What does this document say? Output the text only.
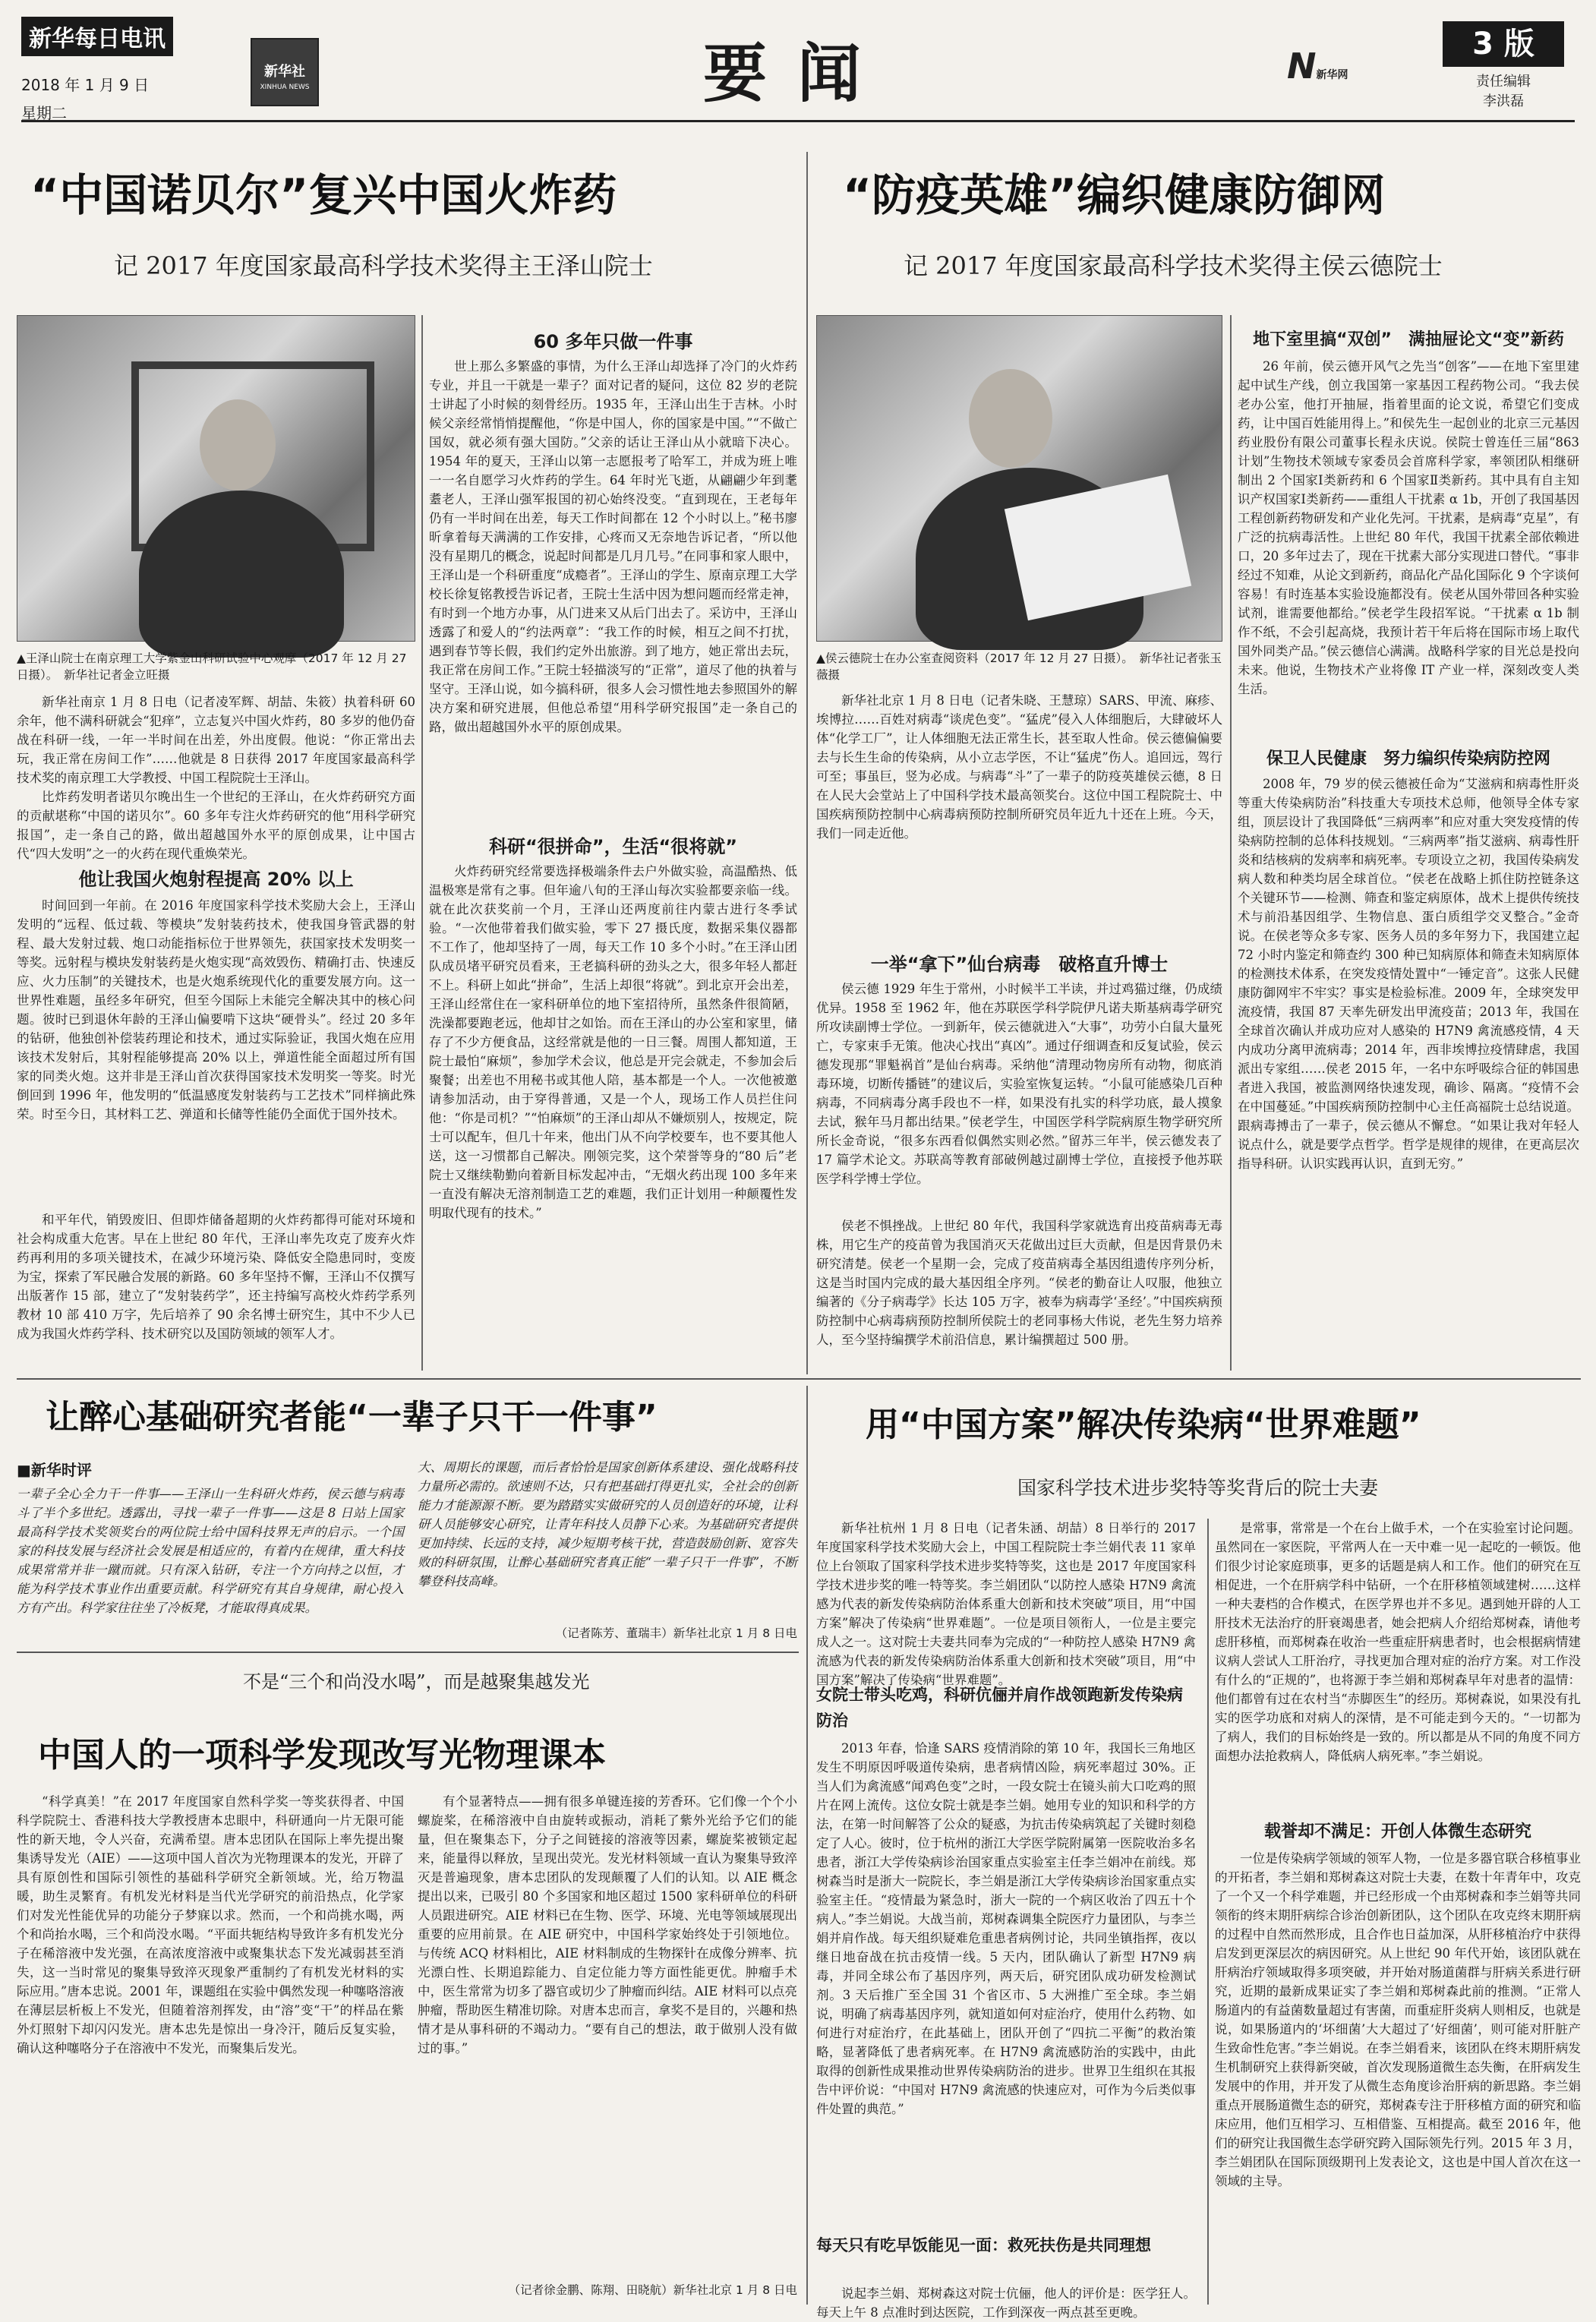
新华每日电讯
2018 年 1 月 9 日
星期二
新华社
XINHUA NEWS	要闻	N新华网
3 版
责任编辑
李洪磊
“中国诺贝尔”复兴中国火炸药
记 2017 年度国家最高科学技术奖得主王泽山院士
▲王泽山院士在南京理工大学紫金山科研试验中心观摩（2017 年 12 月 27 日摄）。　新华社记者金立旺摄

新华社南京 1 月 8 日电（记者凌军辉、胡喆、朱筱）执着科研 60 余年，他不满科研就会“犯痒”，立志复兴中国火炸药，80 多岁的他仍奋战在科研一线，一年一半时间在出差，外出度假。他说：“你正常出去玩，我正常在房间工作”……他就是 8 日获得 2017 年度国家最高科学技术奖的南京理工大学教授、中国工程院院士王泽山。

比炸药发明者诺贝尔晚出生一个世纪的王泽山，在火炸药研究方面的贡献堪称“中国的诺贝尔”。60 多年专注火炸药研究的他“用科学研究报国”，走一条自己的路，做出超越国外水平的原创成果，让中国古代“四大发明”之一的火药在现代重焕荣光。

他让我国火炮射程提高 20% 以上

时间回到一年前。在 2016 年度国家科学技术奖励大会上，王泽山发明的“远程、低过载、等模块”发射装药技术，使我国身管武器的射程、最大发射过载、炮口动能指标位于世界领先，获国家技术发明奖一等奖。远射程与模块发射装药是火炮实现“高效毁伤、精确打击、快速反应、火力压制”的关键技术，也是火炮系统现代化的重要发展方向。这一世界性难题，虽经多年研究，但至今国际上未能完全解决其中的核心问题。彼时已到退休年龄的王泽山偏要啃下这块“硬骨头”。经过 20 多年的钻研，他独创补偿装药理论和技术，通过实际验证，我国火炮在应用该技术发射后，其射程能够提高 20% 以上，弹道性能全面超过所有国家的同类火炮。这并非是王泽山首次获得国家技术发明奖一等奖。时光倒回到 1996 年，他发明的“低温感度发射装药与工艺技术”同样摘此殊荣。时至今日，其材料工艺、弹道和长储等性能仍全面优于国外技术。

和平年代，销毁废旧、但即炸储备超期的火炸药都得可能对环境和社会构成重大危害。早在上世纪 80 年代，王泽山率先攻克了废弃火炸药再利用的多项关键技术，在减少环境污染、降低安全隐患同时，变废为宝，探索了军民融合发展的新路。60 多年坚持不懈，王泽山不仅撰写出版著作 15 部，建立了“发射装药学”，还主持编写高校火炸药学系列教材 10 部 410 万字，先后培养了 90 余名博士研究生，其中不少人已成为我国火炸药学科、技术研究以及国防领域的领军人才。

60 多年只做一件事

世上那么多繁盛的事情，为什么王泽山却选择了冷门的火炸药专业，并且一干就是一辈子？面对记者的疑问，这位 82 岁的老院士讲起了小时候的刻骨经历。1935 年，王泽山出生于吉林。小时候父亲经常悄悄提醒他，“你是中国人，你的国家是中国。”“不做亡国奴，就必须有强大国防。”父亲的话让王泽山从小就暗下决心。1954 年的夏天，王泽山以第一志愿报考了哈军工，并成为班上唯一一名自愿学习火炸药的学生。64 年时光飞逝，从翩翩少年到耄耋老人，王泽山强军报国的初心始终没变。“直到现在，王老每年仍有一半时间在出差，每天工作时间都在 12 个小时以上。”秘书廖昕拿着每天满满的工作安排，心疼而又无奈地告诉记者，“所以他没有星期几的概念，说起时间都是几月几号。”在同事和家人眼中，王泽山是一个科研重度“成瘾者”。王泽山的学生、原南京理工大学校长徐复铭教授告诉记者，王院士生活中因为想问题而经常走神，有时到一个地方办事，从门进来又从后门出去了。采访中，王泽山透露了和爱人的“约法两章”：“我工作的时候，相互之间不打扰，遇到春节等长假，我们约定外出旅游。到了地方，她正常出去玩，我正常在房间工作。”王院士轻描淡写的“正常”，道尽了他的执着与坚守。王泽山说，如今搞科研，很多人会习惯性地去参照国外的解决方案和研究进展，但他总希望“用科学研究报国”走一条自己的路，做出超越国外水平的原创成果。

科研“很拼命”，生活“很将就”

火炸药研究经常要选择极端条件去户外做实验，高温酷热、低温极寒是常有之事。但年逾八旬的王泽山每次实验都要亲临一线。就在此次获奖前一个月，王泽山还两度前往内蒙古进行冬季试验。“一次他带着我们做实验，零下 27 摄氏度，数据采集仪器都不工作了，他却坚持了一周，每天工作 10 多个小时。”在王泽山团队成员堵平研究员看来，王老搞科研的劲头之大，很多年轻人都赶不上。科研上如此“拼命”，生活上却很“将就”。到北京开会出差，王泽山经常住在一家科研单位的地下室招待所，虽然条件很简陋，洗澡都要跑老远，他却甘之如饴。而在王泽山的办公室和家里，储存了不少方便食品，这经常就是他的一日三餐。周围人都知道，王院士最怕“麻烦”，参加学术会议，他总是开完会就走，不参加会后聚餐；出差也不用秘书或其他人陪，基本都是一个人。一次他被邀请参加活动，由于穿得普通，又是一个人，现场工作人员拦住问他：“你是司机？”“怕麻烦”的王泽山却从不嫌烦别人，按规定，院士可以配车，但几十年来，他出门从不向学校要车，也不要其他人送，这一习惯都自己解决。刚领完奖，这个荣誉等身的“80 后”老院士又继续勒勤向着新目标发起冲击，“无烟火药出现 100 多年来一直没有解决无溶剂制造工艺的难题，我们正计划用一种颠覆性发明取代现有的技术。”

“防疫英雄”编织健康防御网
记 2017 年度国家最高科学技术奖得主侯云德院士
▲侯云德院士在办公室查阅资料（2017 年 12 月 27 日摄）。　新华社记者张玉薇摄

新华社北京 1 月 8 日电（记者朱晓、王慧琼）SARS、甲流、麻疹、埃博拉……百姓对病毒“谈虎色变”。“猛虎”侵入人体细胞后，大肆破坏人体“化学工厂”，让人体细胞无法正常生长，甚至取人性命。侯云德偏偏要去与长生生命的传染病，从小立志学医，不让“猛虎”伤人。追回远，驾行可至；事虽巨，竖为必成。与病毒“斗”了一辈子的防疫英雄侯云德，8 日在人民大会堂站上了中国科学技术最高领奖台。这位中国工程院院士、中国疾病预防控制中心病毒病预防控制所研究员年近九十还在上班。今天，我们一同走近他。

一举“拿下”仙台病毒　破格直升博士

侯云德 1929 年生于常州，小时候半工半读，并过鸡猫过继，仍成绩优异。1958 至 1962 年，他在苏联医学科学院伊凡诺夫斯基病毒学研究所攻读副博士学位。一到新年，侯云德就进入“大事”，功劳小白鼠大量死亡，专家束手无策。他决心找出“真凶”。通过仔细调查和反复试验，侯云德发现那“罪魁祸首”是仙台病毒。采纳他“清理动物房所有动物，彻底消毒环境，切断传播链”的建议后，实验室恢复运转。“小鼠可能感染几百种病毒，不同病毒分离手段也不一样，如果没有扎实的科学功底，最人摸象去试，猴年马月都出结果。”侯老学生，中国医学科学院病原生物学研究所所长金奇说，“很多东西看似偶然实则必然。”留苏三年半，侯云德发表了 17 篇学术论文。苏联高等教育部破例越过副博士学位，直接授予他苏联医学科学博士学位。

侯老不惧挫战。上世纪 80 年代，我国科学家就选育出疫苗病毒无毒株，用它生产的疫苗曾为我国消灭天花做出过巨大贡献，但是因背景仍未研究清楚。侯老一个星期一会，完成了疫苗病毒全基因组遗传序列分析，这是当时国内完成的最大基因组全序列。“侯老的勤奋让人叹服，他独立编著的《分子病毒学》长达 105 万字，被奉为病毒学‘圣经’。”中国疾病预防控制中心病毒病预防控制所侯院士的老同事杨大伟说，老先生努力培养人，至今坚持编撰学术前沿信息，累计编撰超过 500 册。

地下室里搞“双创”　满抽屉论文“变”新药

26 年前，侯云德开风气之先当“创客”——在地下室里建起中试生产线，创立我国第一家基因工程药物公司。“我去侯老办公室，他打开抽屉，指着里面的论文说，希望它们变成药，让中国百姓能用得上。”和侯先生一起创业的北京三元基因药业股份有限公司董事长程永庆说。侯院士曾连任三届“863 计划”生物技术领域专家委员会首席科学家，率领团队相继研制出 2 个国家Ⅰ类新药和 6 个国家Ⅱ类新药。其中具有自主知识产权国家Ⅰ类新药——重组人干扰素 α 1b，开创了我国基因工程创新药物研发和产业化先河。干扰素，是病毒“克星”，有广泛的抗病毒活性。上世纪 80 年代，我国干扰素全部依赖进口，20 多年过去了，现在干扰素大部分实现进口替代。“事非经过不知难，从论文到新药，商品化产品化国际化 9 个字谈何容易！有时连基本实验设施都没有。侯老从国外带回各种实验试剂，谁需要他都给。”侯老学生段招军说。“干扰素 α 1b 制作不纸，不会引起高烧，我预计若干年后将在国际市场上取代国外同类产品。”侯云德信心满满。战略科学家的目光总是投向未来。他说，生物技术产业将像 IT 产业一样，深刻改变人类生活。

保卫人民健康　努力编织传染病防控网

2008 年，79 岁的侯云德被任命为“艾滋病和病毒性肝炎等重大传染病防治”科技重大专项技术总师，他领导全体专家组，顶层设计了我国降低“三病两率”和应对重大突发疫情的传染病防控制的总体科技规划。“三病两率”指艾滋病、病毒性肝炎和结核病的发病率和病死率。专项设立之初，我国传染病发病人数和种类均居全球首位。“侯老在战略上抓住防控链条这个关键环节——检测、筛查和鉴定病原体，战术上提供传统技术与前沿基因组学、生物信息、蛋白质组学交叉整合。”金奇说。在侯老等众多专家、医务人员的多年努力下，我国建立起 72 小时内鉴定和筛查约 300 种已知病原体和筛查未知病原体的检测技术体系，在突发疫情处置中“一锤定音”。这张人民健康防御网牢不牢实？事实是检验标准。2009 年，全球突发甲流疫情，我国 87 天率先研发出甲流疫苗；2013 年，我国在全球首次确认并成功应对人感染的 H7N9 禽流感疫情，4 天内成功分离甲流病毒；2014 年，西非埃博拉疫情肆虐，我国派出专家组……侯老 2015 年，一名中东呼吸综合征的韩国患者进入我国，被监测网络快速发现，确诊、隔离。“疫情不会在中国蔓延。”中国疾病预防控制中心主任高福院士总结说道。跟病毒搏击了一辈子，侯云德从不懈怠。“如果让我对年轻人说点什么，就是要学点哲学。哲学是规律的规律，在更高层次指导科研。认识实践再认识，直到无穷。”

让醉心基础研究者能“一辈子只干一件事”
■新华时评
一辈子全心全力干一件事——王泽山一生科研火炸药，侯云德与病毒斗了半个多世纪。透露出，寻找一辈子一件事——这是 8 日站上国家最高科学技术奖领奖台的两位院士给中国科技界无声的启示。一个国家的科技发展与经济社会发展是相适应的，有着内在规律，重大科技成果常常并非一蹴而就。只有深入钻研，专注一个方向持之以恒，才能为科学技术事业作出重要贡献。科学研究有其自身规律，耐心投入方有产出。科学家往往坐了冷板凳，才能取得真成果。
大、周期长的课题，而后者恰恰是国家创新体系建设、强化战略科技力量所必需的。欲速则不达，只有把基础打得更扎实，全社会的创新能力才能源源不断。要为踏踏实实做研究的人员创造好的环境，让科研人员能够安心研究，让青年科技人员静下心来。为基础研究者提供更加持续、长远的支持，减少短期考核干扰，营造鼓励创新、宽容失败的科研氛围，让醉心基础研究者真正能“一辈子只干一件事”，不断攀登科技高峰。
（记者陈芳、董瑞丰）新华社北京 1 月 8 日电
不是“三个和尚没水喝”，而是越聚集越发光
中国人的一项科学发现改写光物理课本

“科学真美！”在 2017 年度国家自然科学奖一等奖获得者、中国科学院院士、香港科技大学教授唐本忠眼中，科研通向一片无限可能性的新天地，令人兴奋，充满希望。唐本忠团队在国际上率先提出聚集诱导发光（AIE）——这项中国人首次为光物理课本的发光，开辟了具有原创性和国际引领性的基础科学研究全新领域。光，给万物温暖，助生灵繁育。有机发光材料是当代光学研究的前沿热点，化学家们对发光性能优异的功能分子梦寐以求。然而，一个和尚挑水喝，两个和尚抬水喝，三个和尚没水喝。“平面共轭结构导致许多有机发光分子在稀溶液中发光强，在高浓度溶液中或聚集状态下发光减弱甚至消失，这一当时常见的聚集导致淬灭现象严重制约了有机发光材料的实际应用。”唐本忠说。2001 年，课题组在实验中偶然发现一种噻咯溶液在薄层层析板上不发光，但随着溶剂挥发，由“溶”变“干”的样品在紫外灯照射下却闪闪发光。唐本忠先是惊出一身冷汗，随后反复实验，确认这种噻咯分子在溶液中不发光，而聚集后发光。

有个显著特点——拥有很多单键连接的芳香环。它们像一个个小螺旋桨，在稀溶液中自由旋转或振动，消耗了紫外光给予它们的能量，但在聚集态下，分子之间链接的溶液等因素，螺旋桨被锁定起来，能量得以释放，呈现出荧光。发光材料领域一直认为聚集导致淬灭是普遍现象，唐本忠团队的发现颠覆了人们的认知。以 AIE 概念提出以来，已吸引 80 个多国家和地区超过 1500 家科研单位的科研人员跟进研究。AIE 材料已在生物、医学、环境、光电等领域展现出重要的应用前景。在 AIE 研究中，中国科学家始终处于引领地位。与传统 ACQ 材料相比，AIE 材料制成的生物探针在成像分辨率、抗光漂白性、长期追踪能力、自定位能力等方面性能更优。肿瘤手术中，医生常常为切多了器官或切少了肿瘤而纠结。AIE 材料可以点亮肿瘤，帮助医生精准切除。对唐本忠而言，拿奖不是目的，兴趣和热情才是从事科研的不竭动力。“要有自己的想法，敢于做别人没有做过的事。”

（记者徐金鹏、陈翔、田晓航）新华社北京 1 月 8 日电
用“中国方案”解决传染病“世界难题”
国家科学技术进步奖特等奖背后的院士夫妻

新华社杭州 1 月 8 日电（记者朱涵、胡喆）8 日举行的 2017 年度国家科学技术奖励大会上，中国工程院院士李兰娟代表 11 家单位上台领取了国家科学技术进步奖特等奖，这也是 2017 年度国家科学技术进步奖的唯一特等奖。李兰娟团队“以防控人感染 H7N9 禽流感为代表的新发传染病防治体系重大创新和技术突破”项目，用“中国方案”解决了传染病“世界难题”。一位是项目领衔人，一位是主要完成人之一。这对院士夫妻共同奉为完成的“一种防控人感染 H7N9 禽流感为代表的新发传染病防治体系重大创新和技术突破”项目，用“中国方案”解决了传染病“世界难题”。

女院士带头吃鸡，科研伉俪并肩作战领跑新发传染病防治

2013 年春，恰逢 SARS 疫情消除的第 10 年，我国长三角地区发生不明原因呼吸道传染病，患者病情凶险，病死率超过 30%。正当人们为禽流感“闻鸡色变”之时，一段女院士在镜头前大口吃鸡的照片在网上流传。这位女院士就是李兰娟。她用专业的知识和科学的方法，在第一时间解答了公众的疑惑，为抗击传染病筑起了关键时刻稳定了人心。彼时，位于杭州的浙江大学医学院附属第一医院收治多名患者，浙江大学传染病诊治国家重点实验室主任李兰娟冲在前线。郑树森当时是浙大一院院长，李兰娟是浙江大学传染病诊治国家重点实验室主任。“疫情最为紧急时，浙大一院的一个病区收治了四五十个病人。”李兰娟说。大战当前，郑树森调集全院医疗力量团队，与李兰娟并肩作战。每天组织疑难危重患者病例讨论，共同坐镇指挥，夜以继日地奋战在抗击疫情一线。5 天内，团队确认了新型 H7N9 病毒，并同全球公布了基因序列，两天后，研究团队成功研发检测试剂。3 天后推广至全国 31 个省区市、5 大洲推广至全球。李兰娟说，明确了病毒基因序列，就知道如何对症治疗，使用什么药物、如何进行对症治疗，在此基础上，团队开创了“四抗二平衡”的救治策略，显著降低了患者病死率。在 H7N9 禽流感防治的实践中，由此取得的创新性成果推动世界传染病防治的进步。世界卫生组织在其报告中评价说：“中国对 H7N9 禽流感的快速应对，可作为今后类似事件处置的典范。”

每天只有吃早饭能见一面：救死扶伤是共同理想

说起李兰娟、郑树森这对院士伉俪，他人的评价是：医学狂人。每天上午 8 点准时到达医院，工作到深夜一两点甚至更晚。

是常事，常常是一个在台上做手术，一个在实验室讨论问题。虽然同在一家医院，平常两人在一天中难一见一起吃的一顿饭。他们很少讨论家庭琐事，更多的话题是病人和工作。他们的研究在互相促进，一个在肝病学科中钻研，一个在肝移植领域建树……这样一种夫妻档的合作模式，在医学界也并不多见。遇到她开辟的人工肝技术无法治疗的肝衰竭患者，她会把病人介绍给郑树森，请他考虑肝移植，而郑树森在收治一些重症肝病患者时，也会根据病情建议病人尝试人工肝治疗，寻找更加合理对症的治疗方案。对工作没有什么的“正规的”，也将源于李兰娟和郑树森早年对患者的温情：他们都曾有过在农村当“赤脚医生”的经历。郑树森说，如果没有扎实的医学功底和对病人的深情，是不可能走到今天的。“一切都为了病人，我们的目标始终是一致的。所以都是从不同的角度不同方面想办法抢救病人，降低病人病死率。”李兰娟说。

载誉却不满足：开创人体微生态研究

一位是传染病学领域的领军人物，一位是多器官联合移植事业的开拓者，李兰娟和郑树森这对院士夫妻，在数十年青年中，攻克了一个又一个科学难题，并已经形成一个由郑树森和李兰娟等共同领衔的终末期肝病综合诊治创新团队，这个团队在攻克终末期肝病的过程中自然而然形成，且合作也日益加深，从肝移植治疗中获得启发到更深层次的病因研究。从上世纪 90 年代开始，该团队就在肝病治疗领域取得多项突破，并开始对肠道菌群与肝病关系进行研究，近期的最新成果证实了李兰娟和郑树森此前的推测。“正常人肠道内的有益菌数量超过有害菌，而重症肝炎病人则相反，也就是说，如果肠道内的‘坏细菌’大大超过了‘好细菌’，则可能对肝脏产生致命性危害。”李兰娟说。在李兰娟看来，该团队在终末期肝病发生机制研究上获得新突破，首次发现肠道微生态失衡，在肝病发生发展中的作用，并开发了从微生态角度诊治肝病的新思路。李兰娟重点开展肠道微生态的研究，郑树森专注于肝移植方面的研究和临床应用，他们互相学习、互相借鉴、互相提高。截至 2016 年，他们的研究让我国微生态学研究跨入国际领先行列。2015 年 3 月，李兰娟团队在国际顶级期刊上发表论文，这也是中国人首次在这一领域的主导。
